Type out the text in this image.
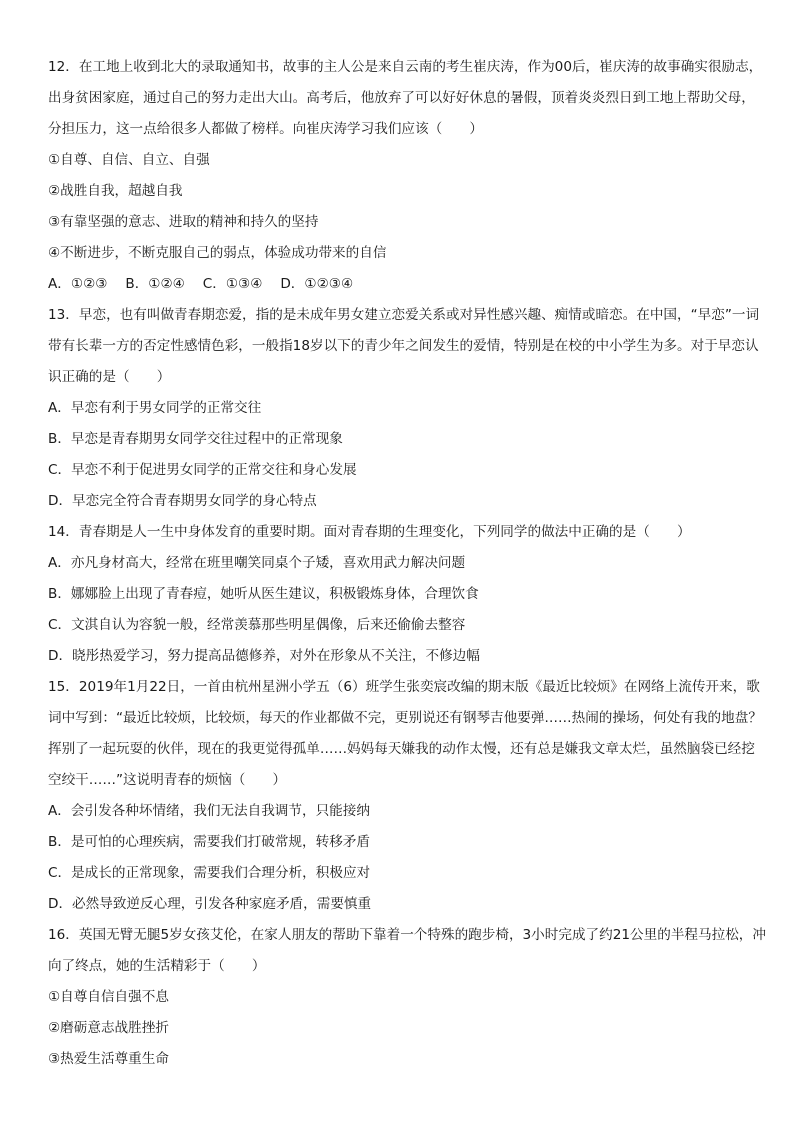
12．在工地上收到北大的录取通知书，故事的主人公是来自云南的考生崔庆涛，作为00后，崔庆涛的故事确实很励志，出身贫困家庭，通过自己的努力走出大山。高考后，他放弃了可以好好休息的暑假，顶着炎炎烈日到工地上帮助父母，分担压力，这一点给很多人都做了榜样。向崔庆涛学习我们应该（　　）
①自尊、自信、自立、自强
②战胜自我，超越自我
③有靠坚强的意志、进取的精神和持久的坚持
④不断进步，不断克服自己的弱点，体验成功带来的自信
A．①②③　 B．①②④　 C．①③④　 D．①②③④
13．早恋，也有叫做青春期恋爱，指的是未成年男女建立恋爱关系或对异性感兴趣、痴情或暗恋。在中国，“早恋”一词带有长辈一方的否定性感情色彩，一般指18岁以下的青少年之间发生的爱情，特别是在校的中小学生为多。对于早恋认识正确的是（　　）
A．早恋有利于男女同学的正常交往
B．早恋是青春期男女同学交往过程中的正常现象
C．早恋不利于促进男女同学的正常交往和身心发展
D．早恋完全符合青春期男女同学的身心特点
14．青春期是人一生中身体发育的重要时期。面对青春期的生理变化，下列同学的做法中正确的是（　　）
A．亦凡身材高大，经常在班里嘲笑同桌个子矮，喜欢用武力解决问题
B．娜娜脸上出现了青春痘，她听从医生建议，积极锻炼身体，合理饮食
C．文淇自认为容貌一般，经常羡慕那些明星偶像，后来还偷偷去整容
D．晓彤热爱学习，努力提高品德修养，对外在形象从不关注，不修边幅
15．2019年1月22日，一首由杭州星洲小学五（6）班学生张奕宸改编的期末版《最近比较烦》在网络上流传开来，歌词中写到：“最近比较烦，比较烦，每天的作业都做不完，更别说还有钢琴吉他要弹……热闹的操场，何处有我的地盘？挥别了一起玩耍的伙伴，现在的我更觉得孤单……妈妈每天嫌我的动作太慢，还有总是嫌我文章太烂，虽然脑袋已经挖空绞干……”这说明青春的烦恼（　　）
A．会引发各种坏情绪，我们无法自我调节，只能接纳
B．是可怕的心理疾病，需要我们打破常规，转移矛盾
C．是成长的正常现象，需要我们合理分析，积极应对
D．必然导致逆反心理，引发各种家庭矛盾，需要慎重
16．英国无臂无腿5岁女孩艾伦，在家人朋友的帮助下靠着一个特殊的跑步椅，3小时完成了约21公里的半程马拉松，冲向了终点，她的生活精彩于（　　）
①自尊自信自强不息
②磨砺意志战胜挫折
③热爱生活尊重生命
